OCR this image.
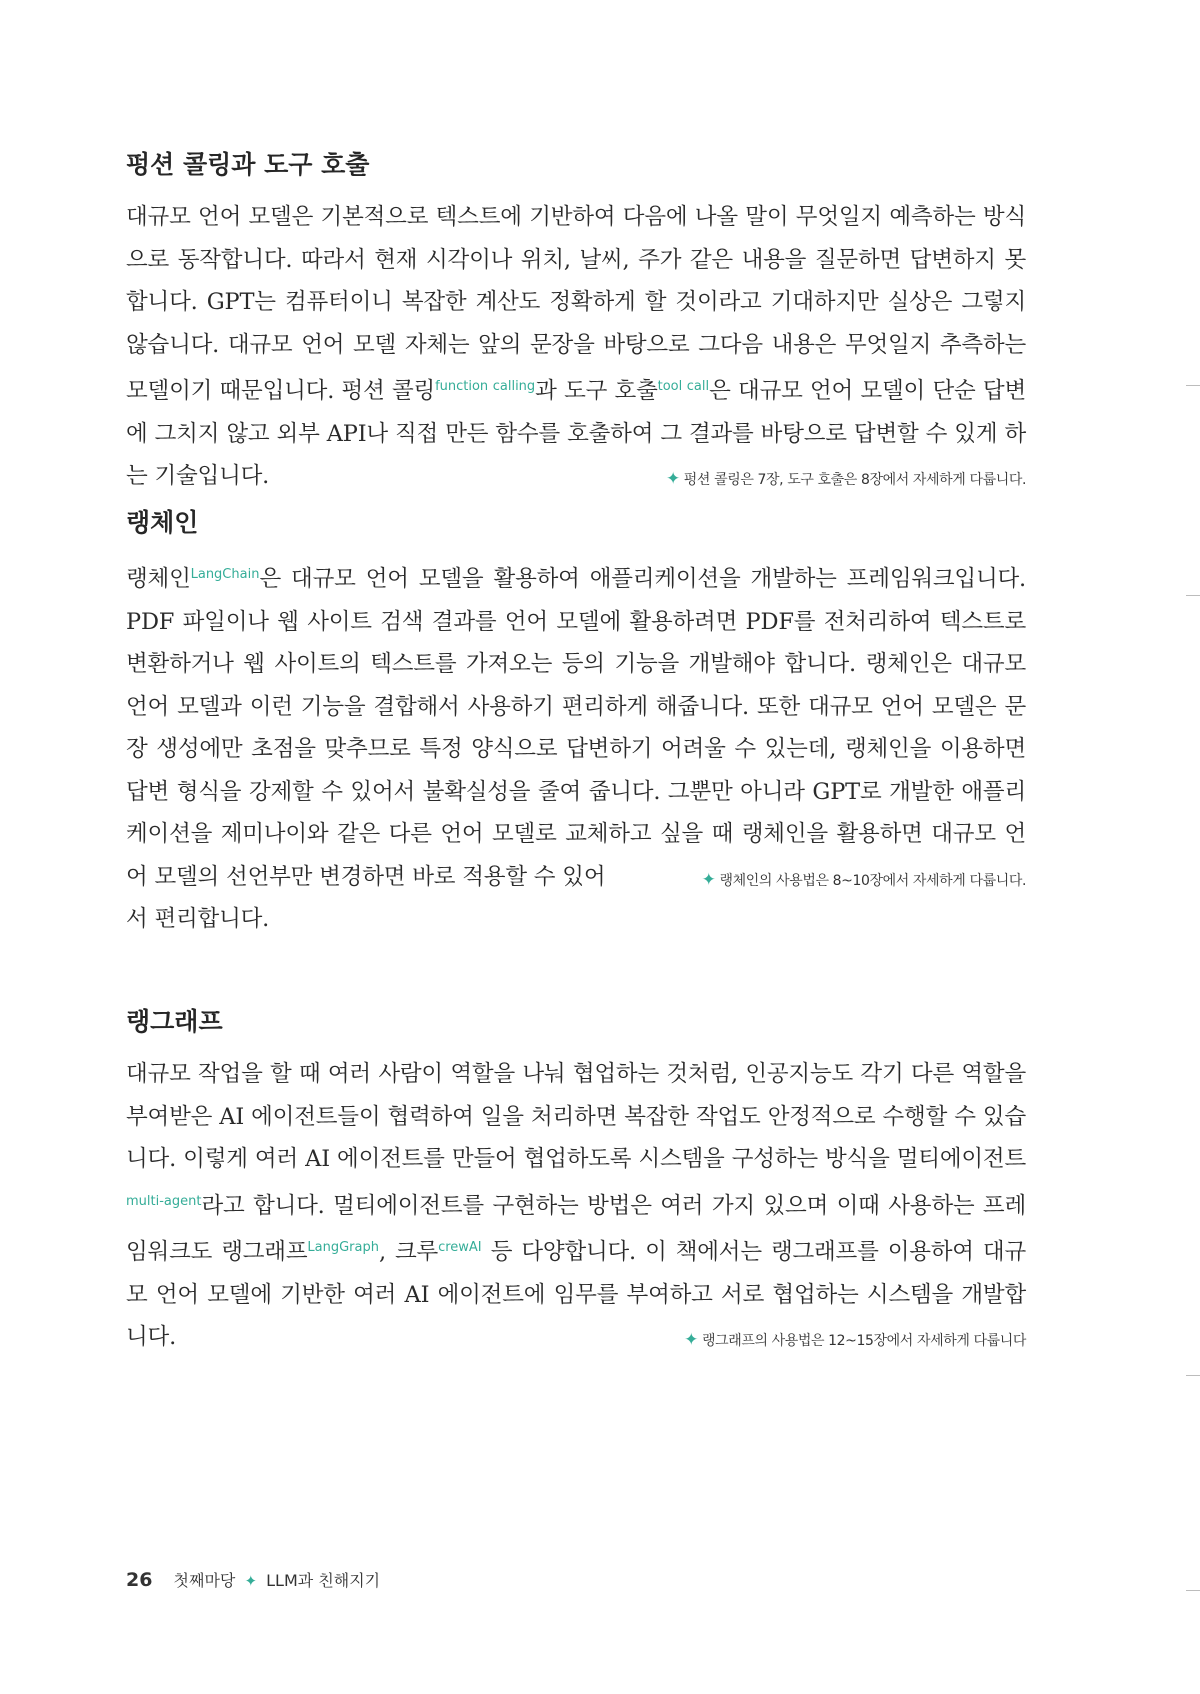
펑션 콜링과 도구 호출

대규모 언어 모델은 기본적으로 텍스트에 기반하여 다음에 나올 말이 무엇일지 예측하는 방식으로 동작합니다. 따라서 현재 시각이나 위치, 날씨, 주가 같은 내용을 질문하면 답변하지 못합니다. GPT는 컴퓨터이니 복잡한 계산도 정확하게 할 것이라고 기대하지만 실상은 그렇지 않습니다. 대규모 언어 모델 자체는 앞의 문장을 바탕으로 그다음 내용은 무엇일지 추측하는 모델이기 때문입니다. 펑션 콜링$^{function calling}$과 도구 호출$^{tool call}$은 대규모 언어 모델이 단순 답변에 그치지 않고 외부 API나 직접 만든 함수를 호출하여 그 결과를 바탕으로 답변할 수 있게 하는 기술입니다.	✦ 펑션 콜링은 7장, 도구 호출은 8장에서 자세하게 다룹니다.

랭체인

랭체인$^{LangChain}$은 대규모 언어 모델을 활용하여 애플리케이션을 개발하는 프레임워크입니다. PDF 파일이나 웹 사이트 검색 결과를 언어 모델에 활용하려면 PDF를 전처리하여 텍스트로 변환하거나 웹 사이트의 텍스트를 가져오는 등의 기능을 개발해야 합니다. 랭체인은 대규모 언어 모델과 이런 기능을 결합해서 사용하기 편리하게 해줍니다. 또한 대규모 언어 모델은 문장 생성에만 초점을 맞추므로 특정 양식으로 답변하기 어려울 수 있는데, 랭체인을 이용하면 답변 형식을 강제할 수 있어서 불확실성을 줄여 줍니다. 그뿐만 아니라 GPT로 개발한 애플리케이션을 제미나이와 같은 다른 언어 모델로 교체하고 싶을 때 랭체인을 활용하면 대규모 언어 모델의 선언부만 변경하면 바로 적용할 수 있어	✦ 랭체인의 사용법은 8~10장에서 자세하게 다룹니다.

서 편리합니다.

랭그래프

대규모 작업을 할 때 여러 사람이 역할을 나눠 협업하는 것처럼, 인공지능도 각기 다른 역할을 부여받은 AI 에이전트들이 협력하여 일을 처리하면 복잡한 작업도 안정적으로 수행할 수 있습니다. 이렇게 여러 AI 에이전트를 만들어 협업하도록 시스템을 구성하는 방식을 멀티에이전트$^{multi-agent}$라고 합니다. 멀티에이전트를 구현하는 방법은 여러 가지 있으며 이때 사용하는 프레임워크도 랭그래프$^{LangGraph}$, 크루$^{crewAI}$ 등 다양합니다. 이 책에서는 랭그래프를 이용하여 대규모 언어 모델에 기반한 여러 AI 에이전트에 임무를 부여하고 서로 협업하는 시스템을 개발합니다.	✦ 랭그래프의 사용법은 12~15장에서 자세하게 다룹니다

26 첫째마당 ✦ LLM과 친해지기
